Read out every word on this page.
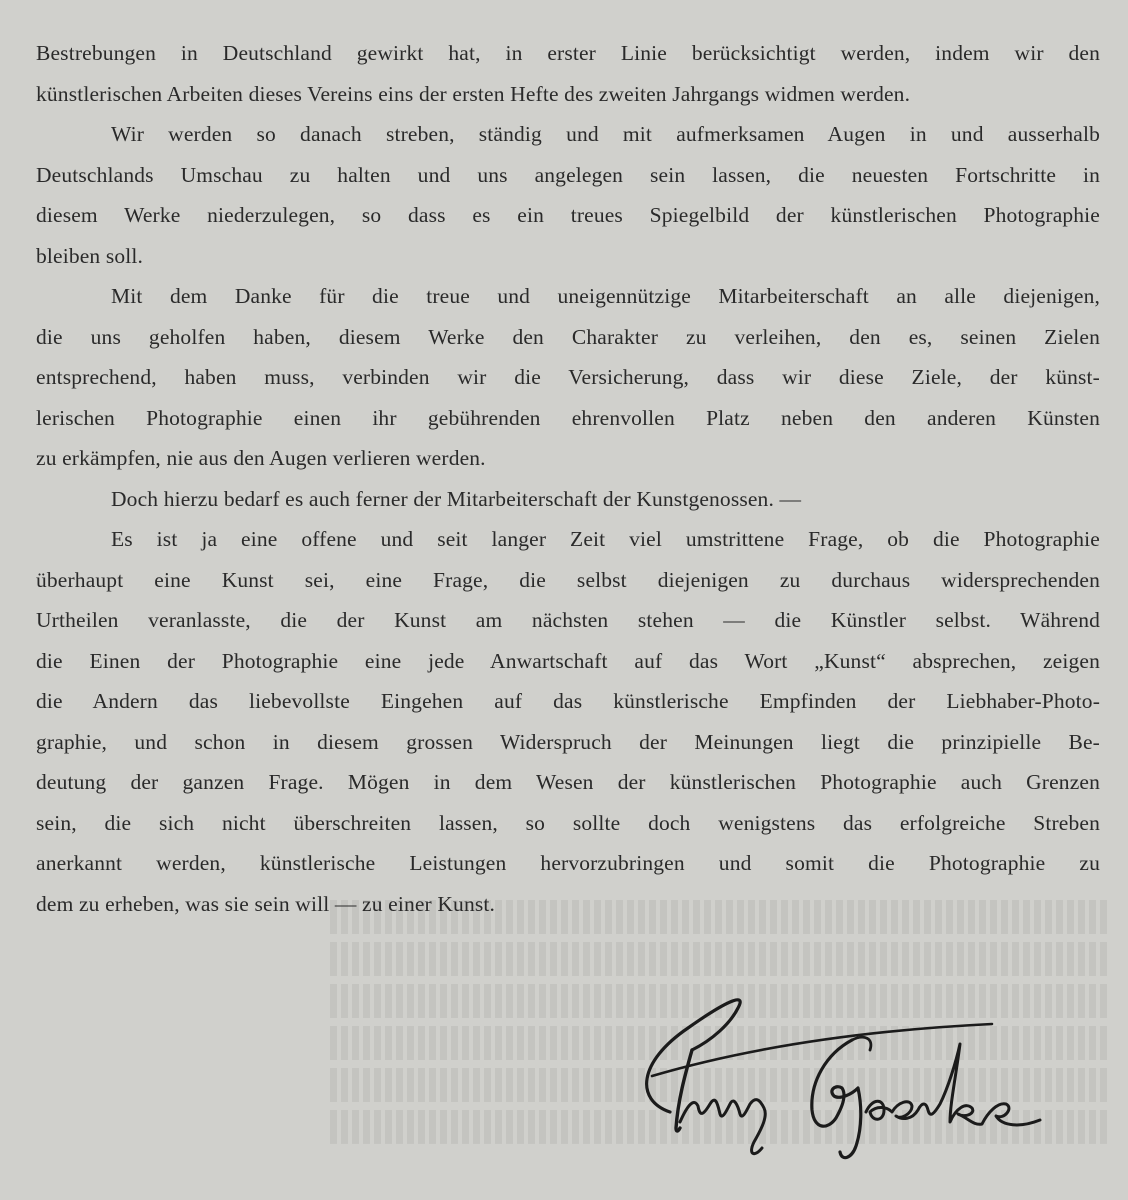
Bestrebungen in Deutschland gewirkt hat, in erster Linie berücksichtigt werden, indem wir den
künstlerischen Arbeiten dieses Vereins eins der ersten Hefte des zweiten Jahrgangs widmen werden.
Wir werden so danach streben, ständig und mit aufmerksamen Augen in und ausserhalb
Deutschlands Umschau zu halten und uns angelegen sein lassen, die neuesten Fortschritte in
diesem Werke niederzulegen, so dass es ein treues Spiegelbild der künstlerischen Photographie
bleiben soll.
Mit dem Danke für die treue und uneigennützige Mitarbeiterschaft an alle diejenigen,
die uns geholfen haben, diesem Werke den Charakter zu verleihen, den es, seinen Zielen
entsprechend, haben muss, verbinden wir die Versicherung, dass wir diese Ziele, der künst-
lerischen Photographie einen ihr gebührenden ehrenvollen Platz neben den anderen Künsten
zu erkämpfen, nie aus den Augen verlieren werden.
Doch hierzu bedarf es auch ferner der Mitarbeiterschaft der Kunstgenossen. —
Es ist ja eine offene und seit langer Zeit viel umstrittene Frage, ob die Photographie
überhaupt eine Kunst sei, eine Frage, die selbst diejenigen zu durchaus widersprechenden
Urtheilen veranlasste, die der Kunst am nächsten stehen — die Künstler selbst. Während
die Einen der Photographie eine jede Anwartschaft auf das Wort „Kunst“ absprechen, zeigen
die Andern das liebevollste Eingehen auf das künstlerische Empfinden der Liebhaber-Photo-
graphie, und schon in diesem grossen Widerspruch der Meinungen liegt die prinzipielle Be-
deutung der ganzen Frage. Mögen in dem Wesen der künstlerischen Photographie auch Grenzen
sein, die sich nicht überschreiten lassen, so sollte doch wenigstens das erfolgreiche Streben
anerkannt werden, künstlerische Leistungen hervorzubringen und somit die Photographie zu
dem zu erheben, was sie sein will — zu einer Kunst.
